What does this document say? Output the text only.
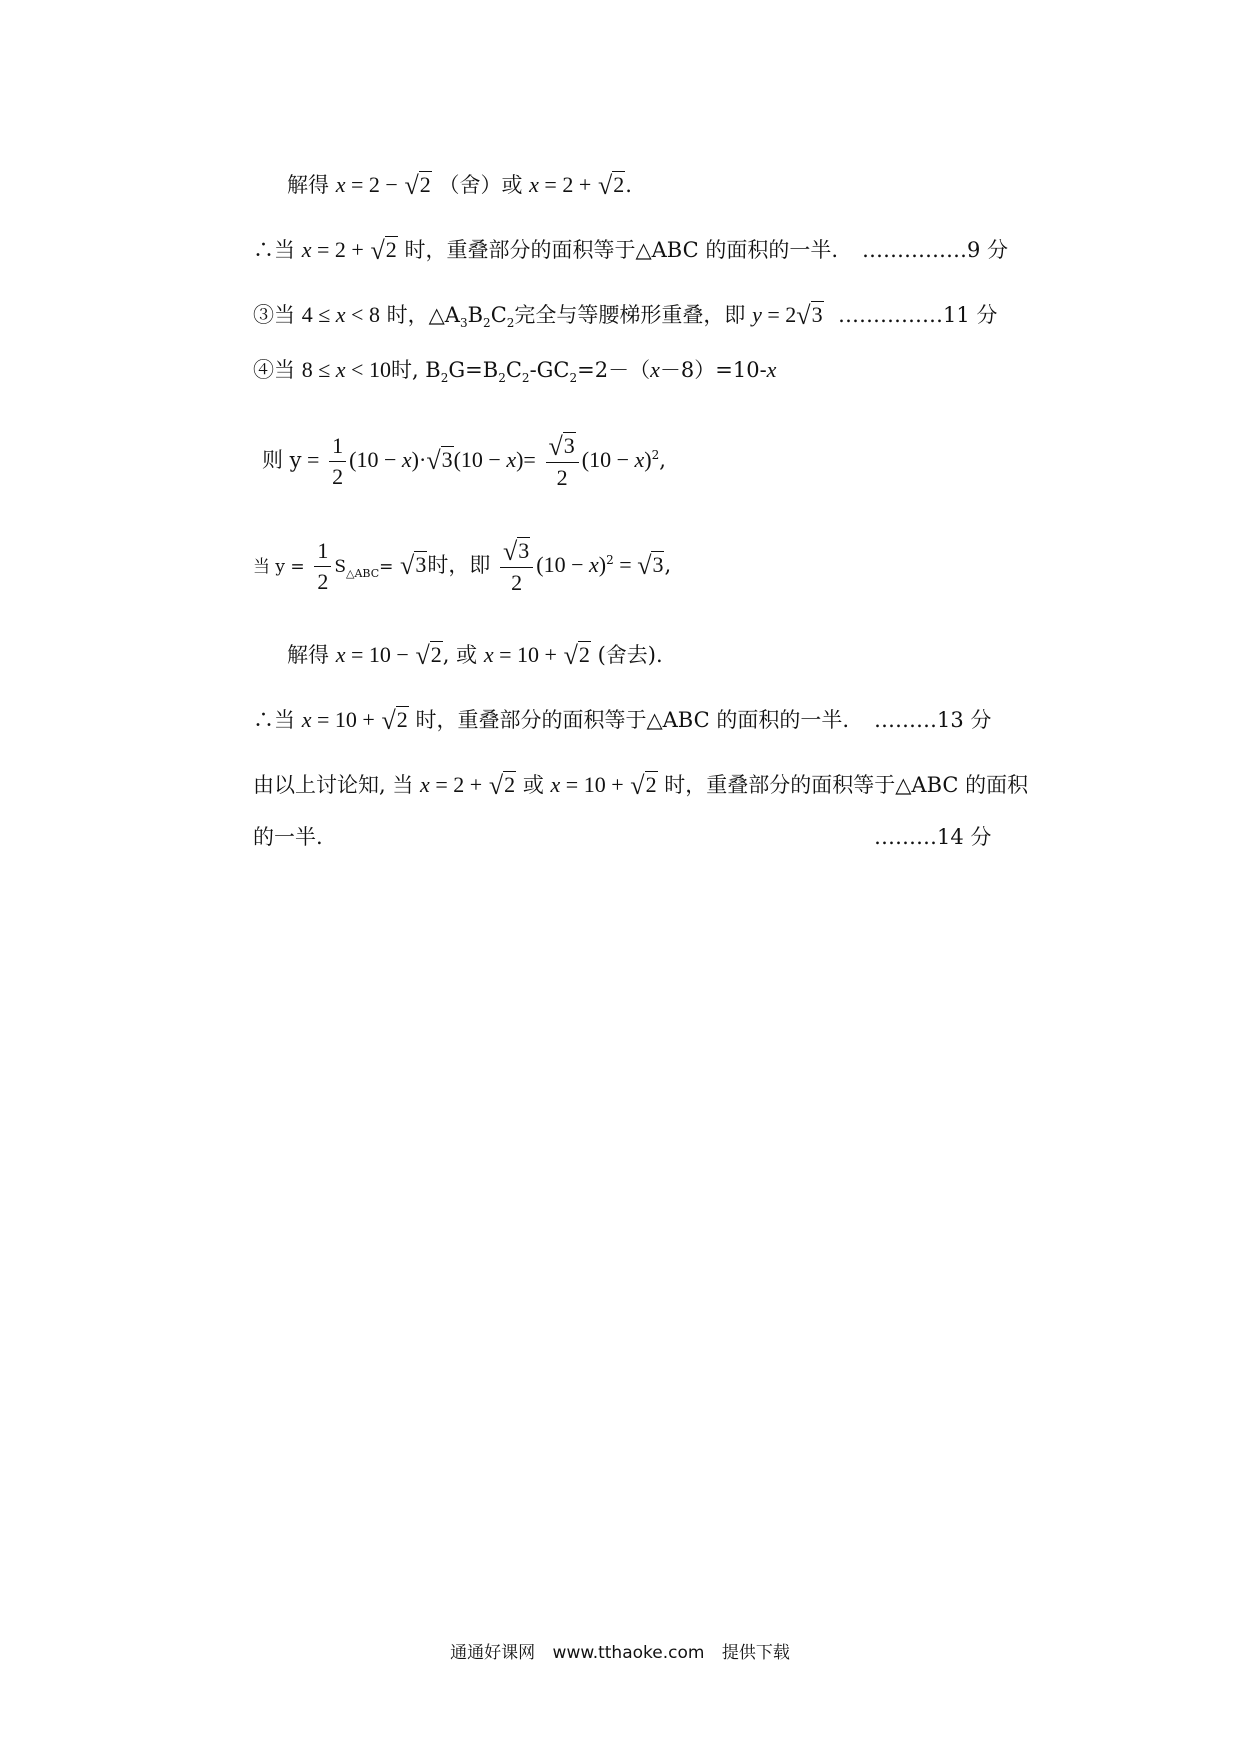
解得 x = 2 − √2 （舍）或 x = 2 + √2.
∴当 x = 2 + √2 时，重叠部分的面积等于△ABC 的面积的一半. ……………9 分
③当 4 ≤ x < 8 时，$\triangle A_3B_2C_2$完全与等腰梯形重叠，即 y = 2√3 ……………11 分
④当 8 ≤ x < 10时, $B_2G=B_2C_2-GC_2=2-(x-8)=10-x$
则 $y = \frac{1}{2} (10 - x)\cdot√3(10 - x)= \frac{√3}{2} (10 - x)^2$,
当 $y = \frac{1}{2} S_{\triangle ABC}= √3$时，即 $\frac{√3}{2} (10 - x)^2 = √3$,
解得 x = 10 − √2, 或 x = 10 + √2 (舍去).
∴当 x = 10 + √2 时，重叠部分的面积等于△ABC 的面积的一半. ………13 分
由以上讨论知, 当 x = 2 + √2 或 x = 10 + √2 时，重叠部分的面积等于△ABC 的面积
的一半.	………14 分
通通好课网 www.tthaoke.com 提供下载
